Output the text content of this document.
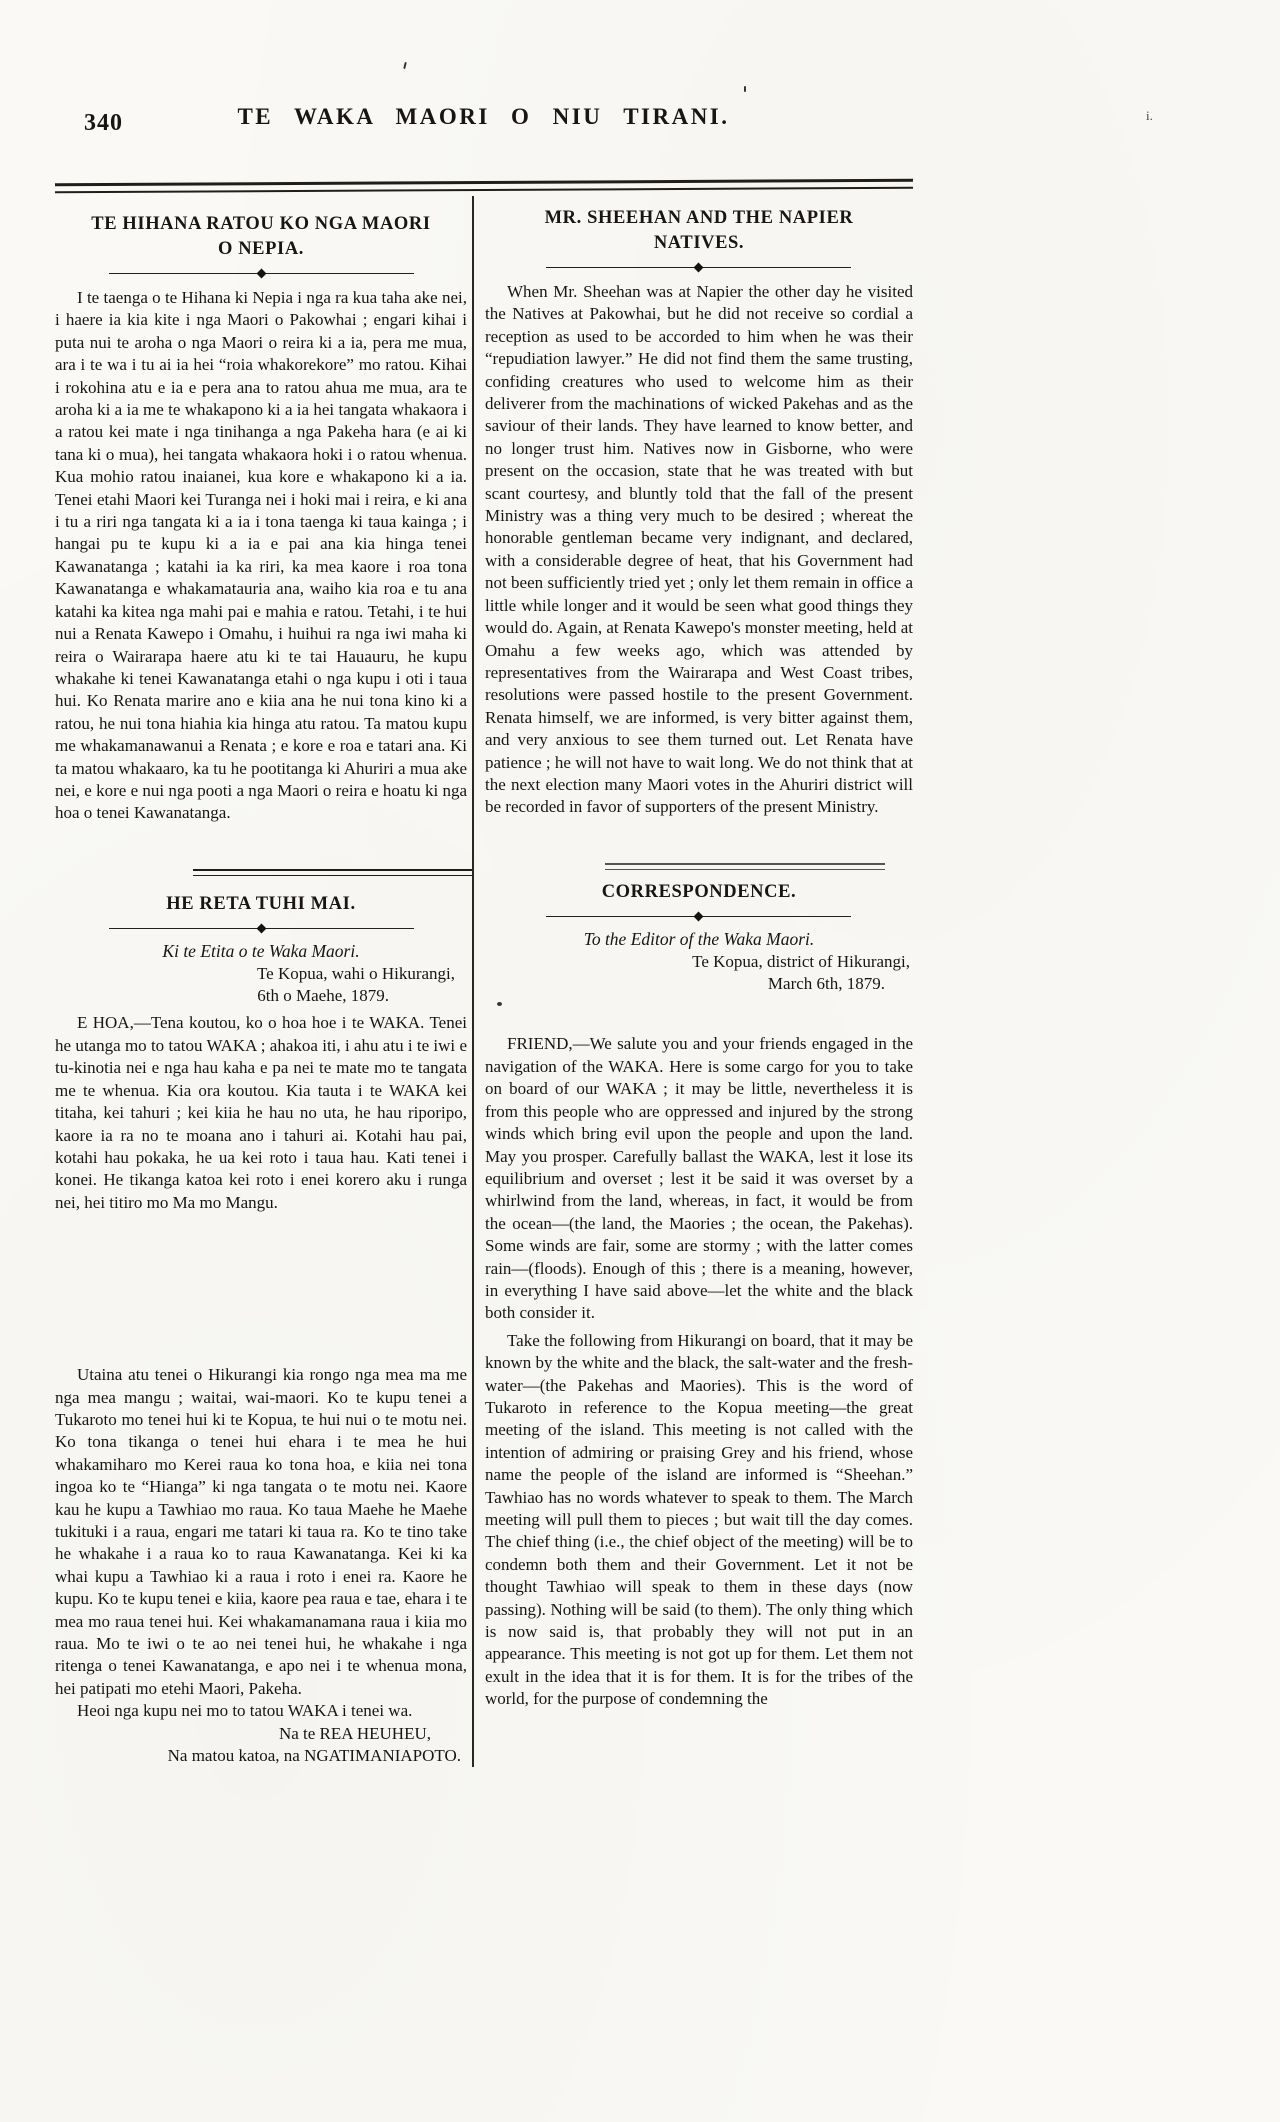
340	TE WAKA MAORI O NIU TIRANI.	i.
TE HIHANA RATOU KO NGA MAORI O NEPIA.

I te taenga o te Hihana ki Nepia i nga ra kua taha ake nei, i haere ia kia kite i nga Maori o Pakowhai ; engari kihai i puta nui te aroha o nga Maori o reira ki a ia, pera me mua, ara i te wa i tu ai ia hei “roia whakorekore” mo ratou. Kihai i rokohina atu e ia e pera ana to ratou ahua me mua, ara te aroha ki a ia me te whakapono ki a ia hei tangata whakaora i a ratou kei mate i nga tinihanga a nga Pakeha hara (e ai ki tana ki o mua), hei tangata whakaora hoki i o ratou whenua. Kua mohio ratou inaianei, kua kore e whakapono ki a ia. Tenei etahi Maori kei Turanga nei i hoki mai i reira, e ki ana i tu a riri nga tangata ki a ia i tona taenga ki taua kainga ; i hangai pu te kupu ki a ia e pai ana kia hinga tenei Kawanatanga ; katahi ia ka riri, ka mea kaore i roa tona Kawanatanga e whakamatauria ana, waiho kia roa e tu ana katahi ka kitea nga mahi pai e mahia e ratou. Tetahi, i te hui nui a Renata Kawepo i Omahu, i huihui ra nga iwi maha ki reira o Wairarapa haere atu ki te tai Hauauru, he kupu whakahe ki tenei Kawanatanga etahi o nga kupu i oti i taua hui. Ko Renata marire ano e kiia ana he nui tona kino ki a ratou, he nui tona hiahia kia hinga atu ratou. Ta matou kupu me whakamanawanui a Renata ; e kore e roa e tatari ana. Ki ta matou whakaaro, ka tu he pootitanga ki Ahuriri a mua ake nei, e kore e nui nga pooti a nga Maori o reira e hoatu ki nga hoa o tenei Kawanatanga.

HE RETA TUHI MAI.

Ki te Etita o te Waka Maori.

Te Kopua, wahi o Hikurangi,

6th o Maehe, 1879.

E HOA,—Tena koutou, ko o hoa hoe i te WAKA. Tenei he utanga mo to tatou WAKA ; ahakoa iti, i ahu atu i te iwi e tu-kinotia nei e nga hau kaha e pa nei te mate mo te tangata me te whenua. Kia ora koutou. Kia tauta i te WAKA kei titaha, kei tahuri ; kei kiia he hau no uta, he hau riporipo, kaore ia ra no te moana ano i tahuri ai. Kotahi hau pai, kotahi hau pokaka, he ua kei roto i taua hau. Kati tenei i konei. He tikanga katoa kei roto i enei korero aku i runga nei, hei titiro mo Ma mo Mangu.

Utaina atu tenei o Hikurangi kia rongo nga mea ma me nga mea mangu ; waitai, wai-maori. Ko te kupu tenei a Tukaroto mo tenei hui ki te Kopua, te hui nui o te motu nei. Ko tona tikanga o tenei hui ehara i te mea he hui whakamiharo mo Kerei raua ko tona hoa, e kiia nei tona ingoa ko te “Hianga” ki nga tangata o te motu nei. Kaore kau he kupu a Tawhiao mo raua. Ko taua Maehe he Maehe tukituki i a raua, engari me tatari ki taua ra. Ko te tino take he whakahe i a raua ko to raua Kawanatanga. Kei ki ka whai kupu a Tawhiao ki a raua i roto i enei ra. Kaore he kupu. Ko te kupu tenei e kiia, kaore pea raua e tae, ehara i te mea mo raua tenei hui. Kei whakamanamana raua i kiia mo raua. Mo te iwi o te ao nei tenei hui, he whakahe i nga ritenga o tenei Kawanatanga, e apo nei i te whenua mona, hei patipati mo etehi Maori, Pakeha.

Heoi nga kupu nei mo to tatou WAKA i tenei wa.

Na te REA HEUHEU,

Na matou katoa, na NGATIMANIAPOTO.

MR. SHEEHAN AND THE NAPIER NATIVES.

When Mr. Sheehan was at Napier the other day he visited the Natives at Pakowhai, but he did not receive so cordial a reception as used to be accorded to him when he was their “repudiation lawyer.” He did not find them the same trusting, confiding creatures who used to welcome him as their deliverer from the machinations of wicked Pakehas and as the saviour of their lands. They have learned to know better, and no longer trust him. Natives now in Gisborne, who were present on the occasion, state that he was treated with but scant courtesy, and bluntly told that the fall of the present Ministry was a thing very much to be desired ; whereat the honorable gentleman became very indignant, and declared, with a considerable degree of heat, that his Government had not been sufficiently tried yet ; only let them remain in office a little while longer and it would be seen what good things they would do. Again, at Renata Kawepo's monster meeting, held at Omahu a few weeks ago, which was attended by representatives from the Wairarapa and West Coast tribes, resolutions were passed hostile to the present Government. Renata himself, we are informed, is very bitter against them, and very anxious to see them turned out. Let Renata have patience ; he will not have to wait long. We do not think that at the next election many Maori votes in the Ahuriri district will be recorded in favor of supporters of the present Ministry.

CORRESPONDENCE.

To the Editor of the Waka Maori.

Te Kopua, district of Hikurangi,

March 6th, 1879.

FRIEND,—We salute you and your friends engaged in the navigation of the WAKA. Here is some cargo for you to take on board of our WAKA ; it may be little, nevertheless it is from this people who are oppressed and injured by the strong winds which bring evil upon the people and upon the land. May you prosper. Carefully ballast the WAKA, lest it lose its equilibrium and overset ; lest it be said it was overset by a whirlwind from the land, whereas, in fact, it would be from the ocean—(the land, the Maories ; the ocean, the Pakehas). Some winds are fair, some are stormy ; with the latter comes rain—(floods). Enough of this ; there is a meaning, however, in everything I have said above—let the white and the black both consider it.

Take the following from Hikurangi on board, that it may be known by the white and the black, the salt-water and the fresh-water—(the Pakehas and Maories). This is the word of Tukaroto in reference to the Kopua meeting—the great meeting of the island. This meeting is not called with the intention of admiring or praising Grey and his friend, whose name the people of the island are informed is “Sheehan.” Tawhiao has no words whatever to speak to them. The March meeting will pull them to pieces ; but wait till the day comes. The chief thing (i.e., the chief object of the meeting) will be to condemn both them and their Government. Let it not be thought Tawhiao will speak to them in these days (now passing). Nothing will be said (to them). The only thing which is now said is, that probably they will not put in an appearance. This meeting is not got up for them. Let them not exult in the idea that it is for them. It is for the tribes of the world, for the purpose of condemning the
